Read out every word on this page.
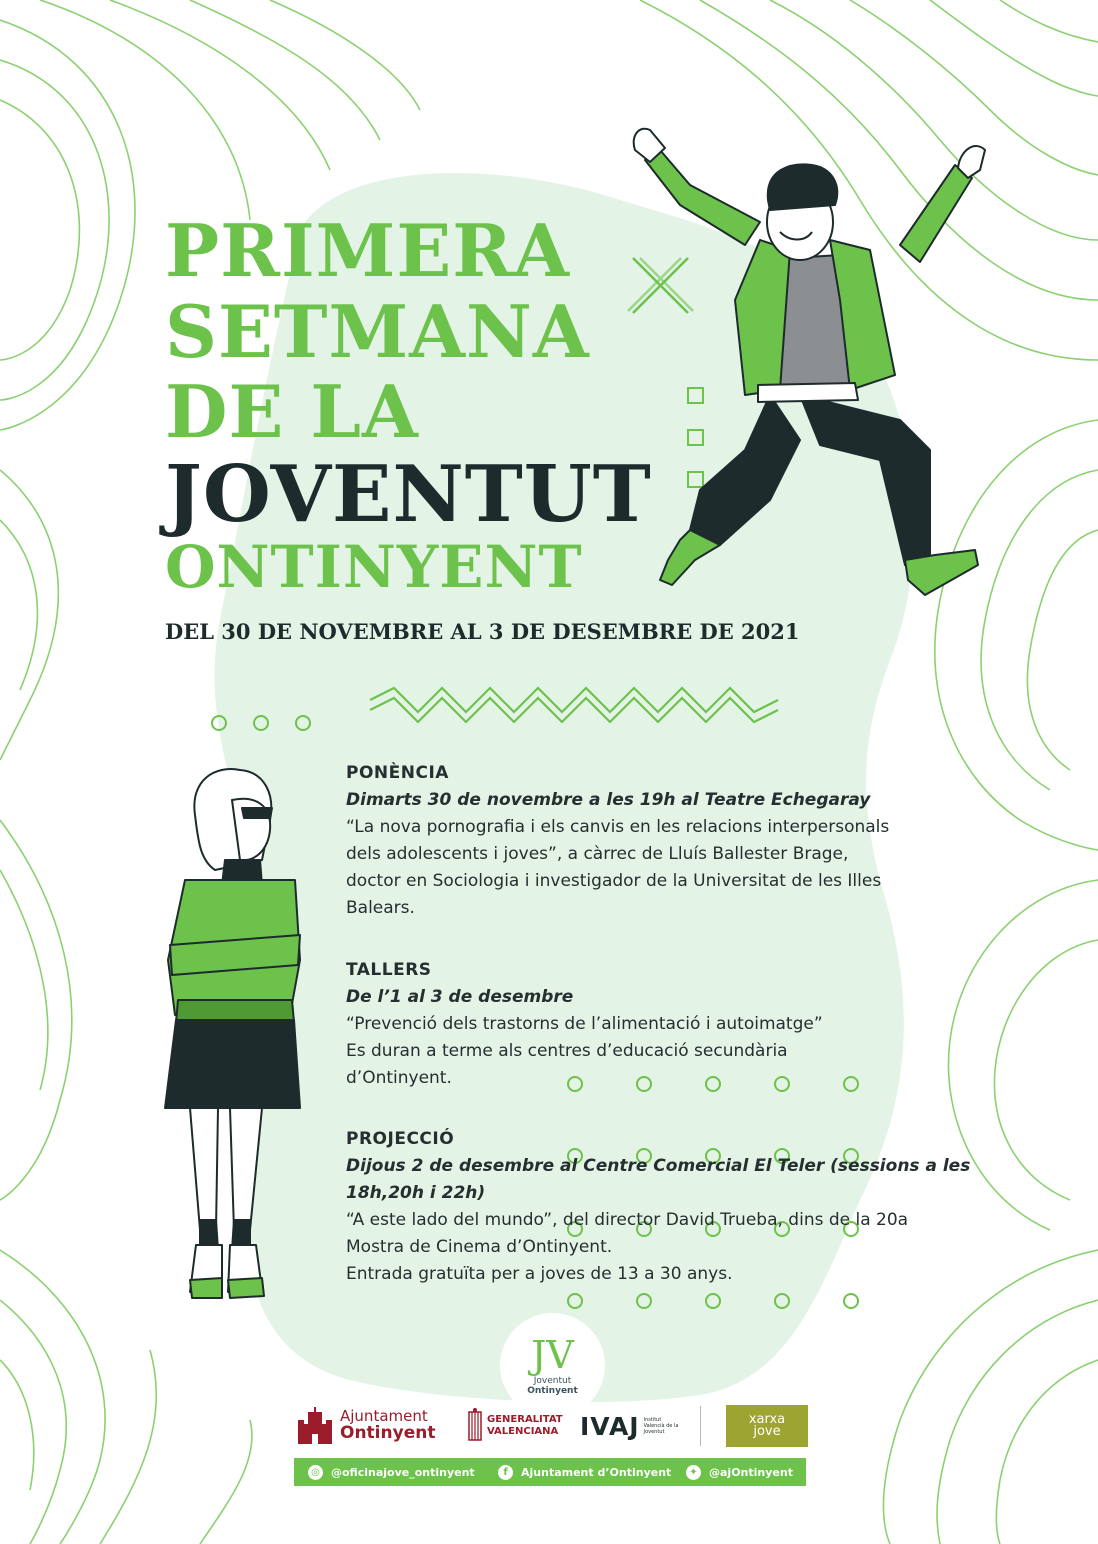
PRIMERA
SETMANA
DE LA
JOVENTUT
ONTINYENT
DEL 30 DE NOVEMBRE AL 3 DE DESEMBRE DE 2021
PONÈNCIA
Dimarts 30 de novembre a les 19h al Teatre Echegaray

“La nova pornografia i els canvis en les relacions interpersonals

dels adolescents i joves”, a càrrec de Lluís Ballester Brage,

doctor en Sociologia i investigador de la Universitat de les Illes

Balears.

TALLERS
De l’1 al 3 de desembre

“Prevenció dels trastorns de l’alimentació i autoimatge”

Es duran a terme als centres d’educació secundària

d’Ontinyent.

PROJECCIÓ
Dijous 2 de desembre al Centre Comercial El Teler (sessions a les 18h,20h i 22h)

“A este lado del mundo”, del director David Trueba, dins de la 20a

Mostra de Cinema d’Ontinyent.

Entrada gratuïta per a joves de 13 a 30 anys.

JV
Joventut
Ontinyent
Ajuntament
Ontinyent
GENERALITAT
VALENCIANA IVAJ Institut Valencià de la Joventut
xarxa
jove
◎ @oficinajove_ontinyent	f	Ajuntament d’Ontinyent	✦	@ajOntinyent
